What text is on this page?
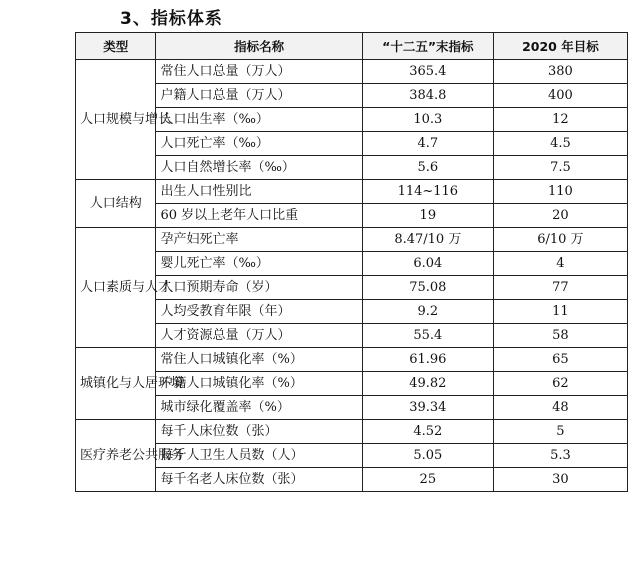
3、指标体系
类型	指标名称	“十二五”末指标	2020 年目标
人口规模与增长	常住人口总量（万人）	365.4	380
	户籍人口总量（万人）	384.8	400
	人口出生率（‰）	10.3	12
	人口死亡率（‰）	4.7	4.5
	人口自然增长率（‰）	5.6	7.5
人口结构	出生人口性别比	114~116	110
	60 岁以上老年人口比重	19	20
人口素质与人才	孕产妇死亡率	8.47/10 万	6/10 万
	婴儿死亡率（‰）	6.04	4
	人口预期寿命（岁）	75.08	77
	人均受教育年限（年）	9.2	11
	人才资源总量（万人）	55.4	58
城镇化与人居环境	常住人口城镇化率（%）	61.96	65
	户籍人口城镇化率（%）	49.82	62
	城市绿化覆盖率（%）	39.34	48
医疗养老公共服务	每千人床位数（张）	4.52	5
	每千人卫生人员数（人）	5.05	5.3
	每千名老人床位数（张）	25	30
